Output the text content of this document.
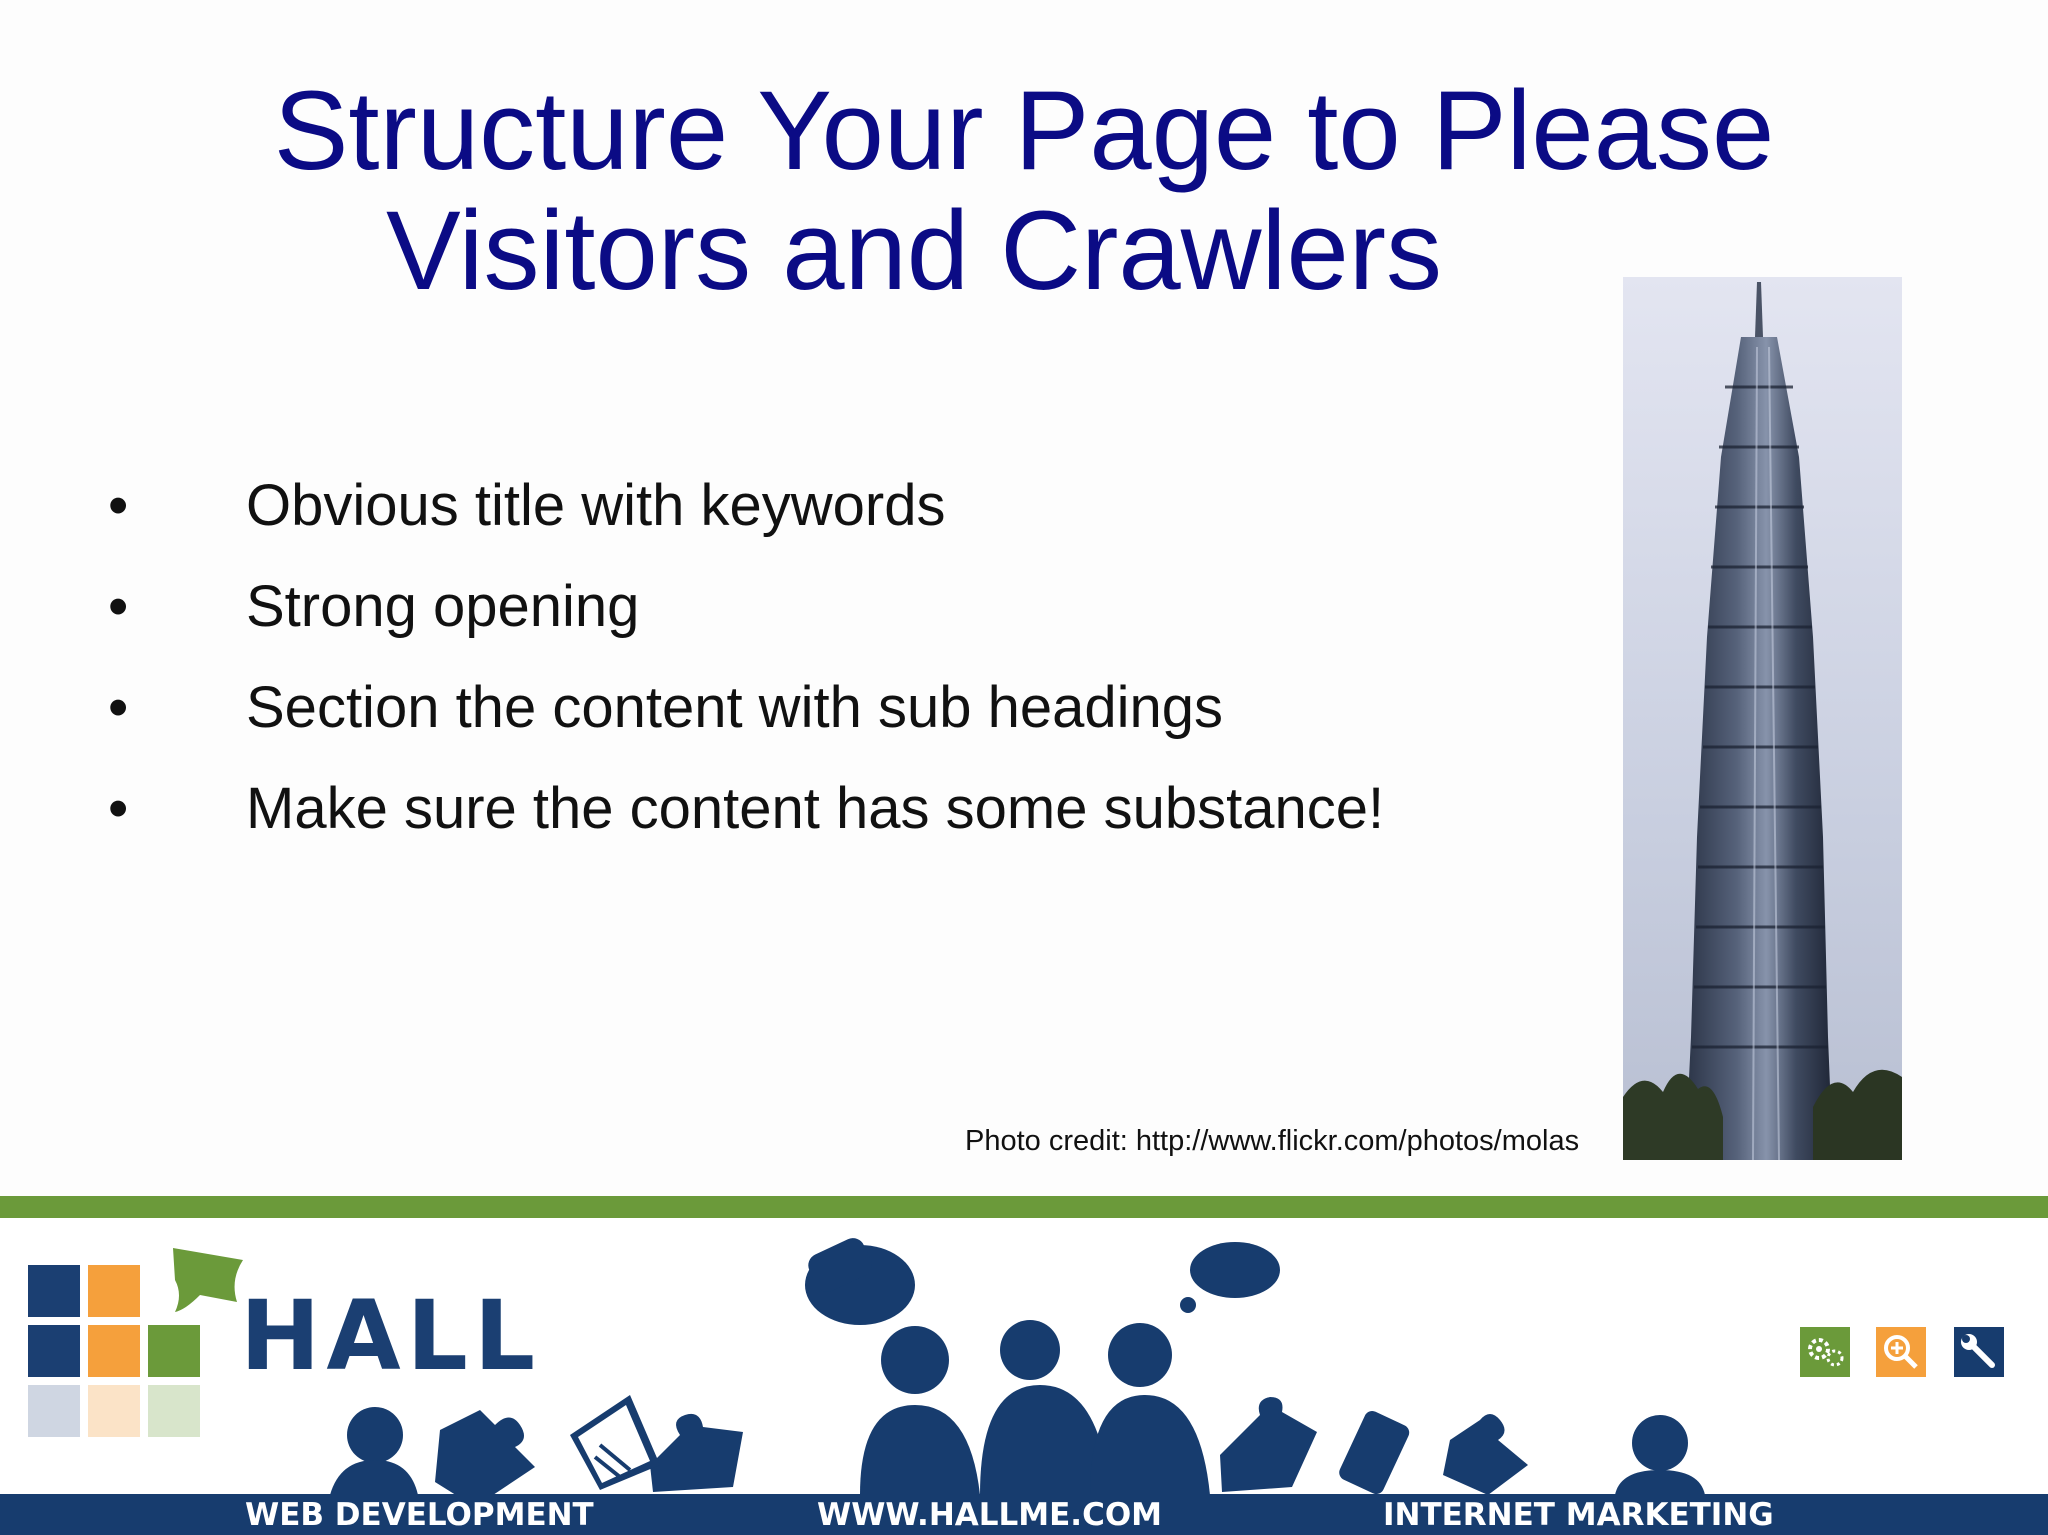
Structure Your Page to Please
Visitors and Crawlers
•	Obvious title with keywords
•	Strong opening
•	Section the content with sub headings
•	Make sure the content has some substance!
Photo credit: http://www.flickr.com/photos/molas
HALL
WEB DEVELOPMENT	WWW.HALLME.COM	INTERNET MARKETING
